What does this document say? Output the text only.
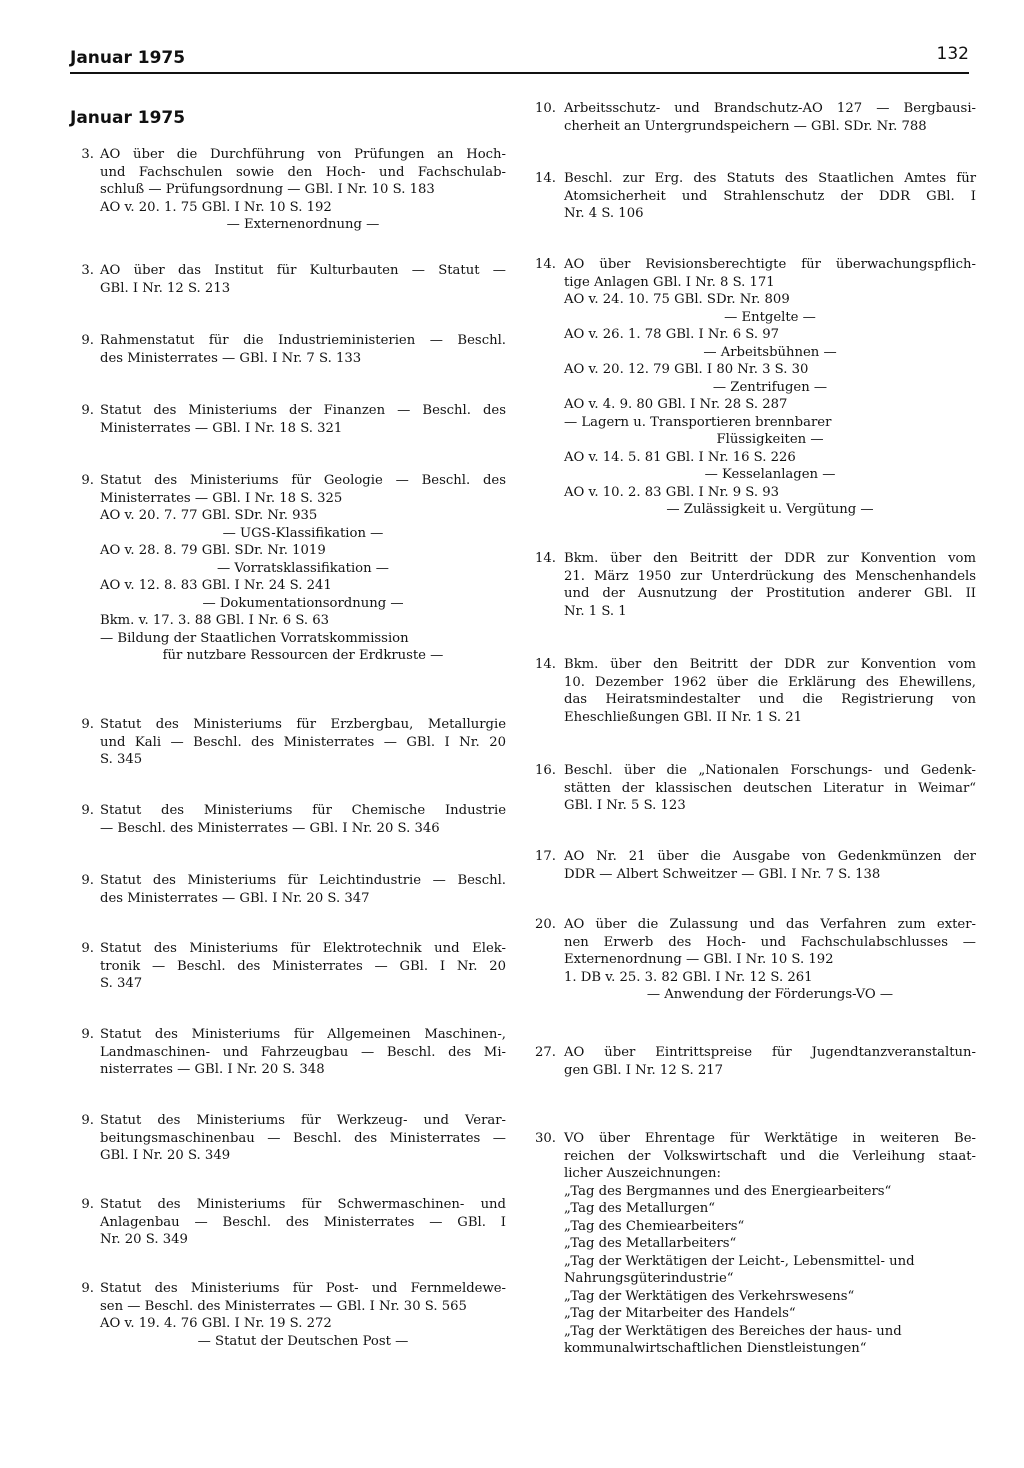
Januar 1975	132
Januar 1975
3. AO über die Durchführung von Prüfungen an Hoch-
und Fachschulen sowie den Hoch- und Fachschulab-
schluß — Prüfungsordnung — GBl. I Nr. 10 S. 183
AO v. 20. 1. 75 GBl. I Nr. 10 S. 192
— Externenordnung —
3. AO über das Institut für Kulturbauten — Statut —
GBl. I Nr. 12 S. 213
9. Rahmenstatut für die Industrieministerien — Beschl.
des Ministerrates — GBl. I Nr. 7 S. 133
9. Statut des Ministeriums der Finanzen — Beschl. des
Ministerrates — GBl. I Nr. 18 S. 321
9. Statut des Ministeriums für Geologie — Beschl. des
Ministerrates — GBl. I Nr. 18 S. 325
AO v. 20. 7. 77 GBl. SDr. Nr. 935
— UGS-Klassifikation —
AO v. 28. 8. 79 GBl. SDr. Nr. 1019
— Vorratsklassifikation —
AO v. 12. 8. 83 GBl. I Nr. 24 S. 241
— Dokumentationsordnung —
Bkm. v. 17. 3. 88 GBl. I Nr. 6 S. 63
— Bildung der Staatlichen Vorratskommission
für nutzbare Ressourcen der Erdkruste —
9. Statut des Ministeriums für Erzbergbau, Metallurgie
und Kali — Beschl. des Ministerrates — GBl. I Nr. 20
S. 345
9. Statut des Ministeriums für Chemische Industrie
— Beschl. des Ministerrates — GBl. I Nr. 20 S. 346
9. Statut des Ministeriums für Leichtindustrie — Beschl.
des Ministerrates — GBl. I Nr. 20 S. 347
9. Statut des Ministeriums für Elektrotechnik und Elek-
tronik — Beschl. des Ministerrates — GBl. I Nr. 20
S. 347
9. Statut des Ministeriums für Allgemeinen Maschinen-,
Landmaschinen- und Fahrzeugbau — Beschl. des Mi-
nisterrates — GBl. I Nr. 20 S. 348
9. Statut des Ministeriums für Werkzeug- und Verar-
beitungsmaschinenbau — Beschl. des Ministerrates —
GBl. I Nr. 20 S. 349
9. Statut des Ministeriums für Schwermaschinen- und
Anlagenbau — Beschl. des Ministerrates — GBl. I
Nr. 20 S. 349
9. Statut des Ministeriums für Post- und Fernmeldewe-
sen — Beschl. des Ministerrates — GBl. I Nr. 30 S. 565
AO v. 19. 4. 76 GBl. I Nr. 19 S. 272
— Statut der Deutschen Post —
10. Arbeitsschutz- und Brandschutz-AO 127 — Bergbausi-
cherheit an Untergrundspeichern — GBl. SDr. Nr. 788
14. Beschl. zur Erg. des Statuts des Staatlichen Amtes für
Atomsicherheit und Strahlenschutz der DDR GBl. I
Nr. 4 S. 106
14. AO über Revisionsberechtigte für überwachungspflich-
tige Anlagen GBl. I Nr. 8 S. 171
AO v. 24. 10. 75 GBl. SDr. Nr. 809
— Entgelte —
AO v. 26. 1. 78 GBl. I Nr. 6 S. 97
— Arbeitsbühnen —
AO v. 20. 12. 79 GBl. I 80 Nr. 3 S. 30
— Zentrifugen —
AO v. 4. 9. 80 GBl. I Nr. 28 S. 287
— Lagern u. Transportieren brennbarer
Flüssigkeiten —
AO v. 14. 5. 81 GBl. I Nr. 16 S. 226
— Kesselanlagen —
AO v. 10. 2. 83 GBl. I Nr. 9 S. 93
— Zulässigkeit u. Vergütung —
14. Bkm. über den Beitritt der DDR zur Konvention vom
21. März 1950 zur Unterdrückung des Menschenhandels
und der Ausnutzung der Prostitution anderer GBl. II
Nr. 1 S. 1
14. Bkm. über den Beitritt der DDR zur Konvention vom
10. Dezember 1962 über die Erklärung des Ehewillens,
das Heiratsmindestalter und die Registrierung von
Eheschließungen GBl. II Nr. 1 S. 21
16. Beschl. über die „Nationalen Forschungs- und Gedenk-
stätten der klassischen deutschen Literatur in Weimar“
GBl. I Nr. 5 S. 123
17. AO Nr. 21 über die Ausgabe von Gedenkmünzen der
DDR — Albert Schweitzer — GBl. I Nr. 7 S. 138
20. AO über die Zulassung und das Verfahren zum exter-
nen Erwerb des Hoch- und Fachschulabschlusses —
Externenordnung — GBl. I Nr. 10 S. 192
1. DB v. 25. 3. 82 GBl. I Nr. 12 S. 261
— Anwendung der Förderungs-VO —
27. AO über Eintrittspreise für Jugendtanzveranstaltun-
gen GBl. I Nr. 12 S. 217
30. VO über Ehrentage für Werktätige in weiteren Be-
reichen der Volkswirtschaft und die Verleihung staat-
licher Auszeichnungen:
„Tag des Bergmannes und des Energiearbeiters“
„Tag des Metallurgen“
„Tag des Chemiearbeiters“
„Tag des Metallarbeiters“
„Tag der Werktätigen der Leicht-, Lebensmittel- und
Nahrungsgüterindustrie“
„Tag der Werktätigen des Verkehrswesens“
„Tag der Mitarbeiter des Handels“
„Tag der Werktätigen des Bereiches der haus- und
kommunalwirtschaftlichen Dienstleistungen“
